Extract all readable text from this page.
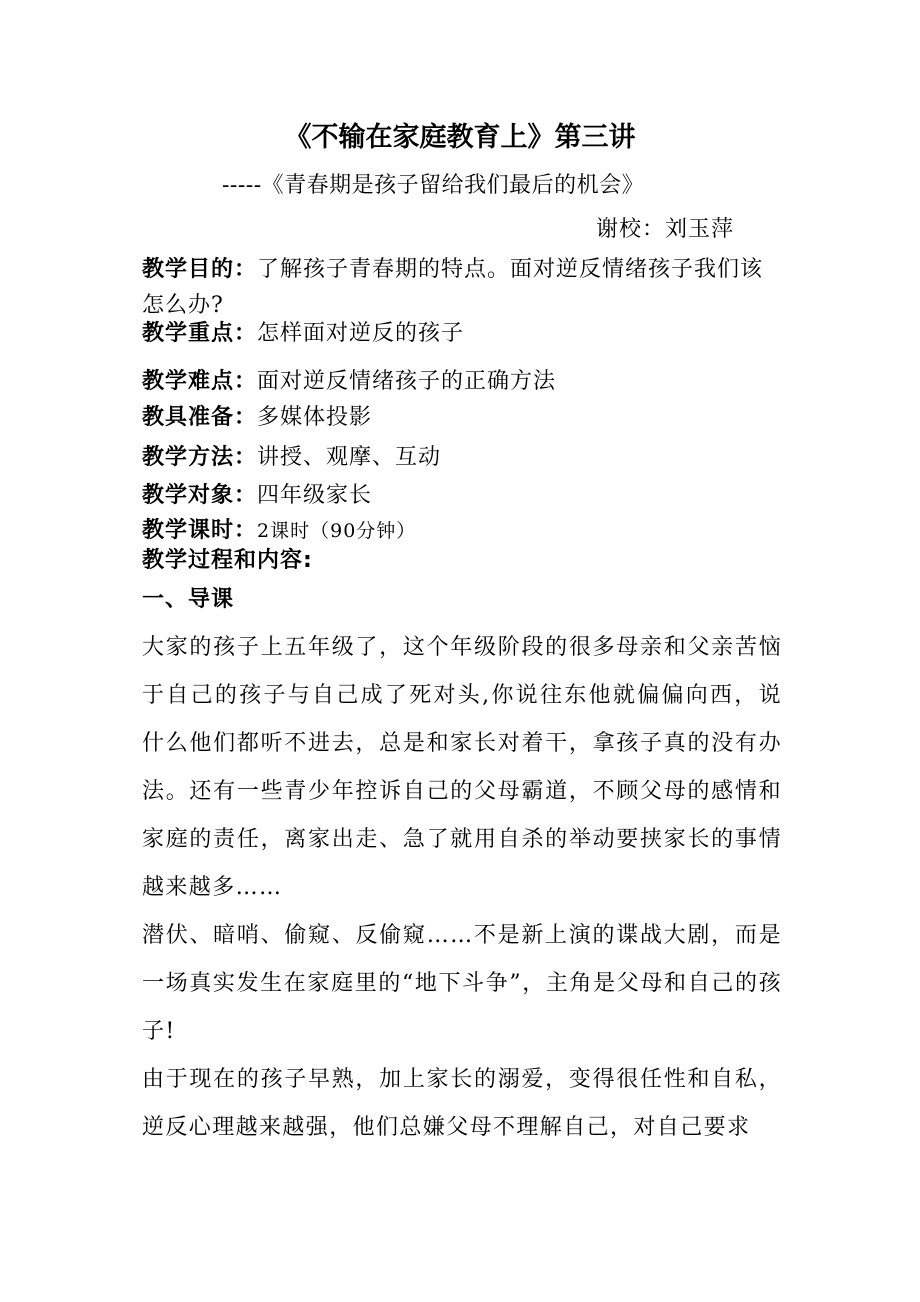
《不输在家庭教育上》第三讲
-----《青春期是孩子留给我们最后的机会》
谢校：刘玉萍
教学目的：了解孩子青春期的特点。面对逆反情绪孩子我们该怎么办?
教学重点：怎样面对逆反的孩子
教学难点：面对逆反情绪孩子的正确方法
教具准备：多媒体投影
教学方法：讲授、观摩、互动
教学对象：四年级家长
教学课时：2课时（90分钟）
教学过程和内容:
一、导课

大家的孩子上五年级了，这个年级阶段的很多母亲和父亲苦恼于自己的孩子与自己成了死对头,你说往东他就偏偏向西，说什么他们都听不进去，总是和家长对着干，拿孩子真的没有办法。还有一些青少年控诉自己的父母霸道，不顾父母的感情和家庭的责任，离家出走、急了就用自杀的举动要挟家长的事情越来越多……

潜伏、暗哨、偷窥、反偷窥……不是新上演的谍战大剧，而是一场真实发生在家庭里的“地下斗争”，主角是父母和自己的孩子!

由于现在的孩子早熟，加上家长的溺爱，变得很任性和自私，逆反心理越来越强，他们总嫌父母不理解自己，对自己要求
